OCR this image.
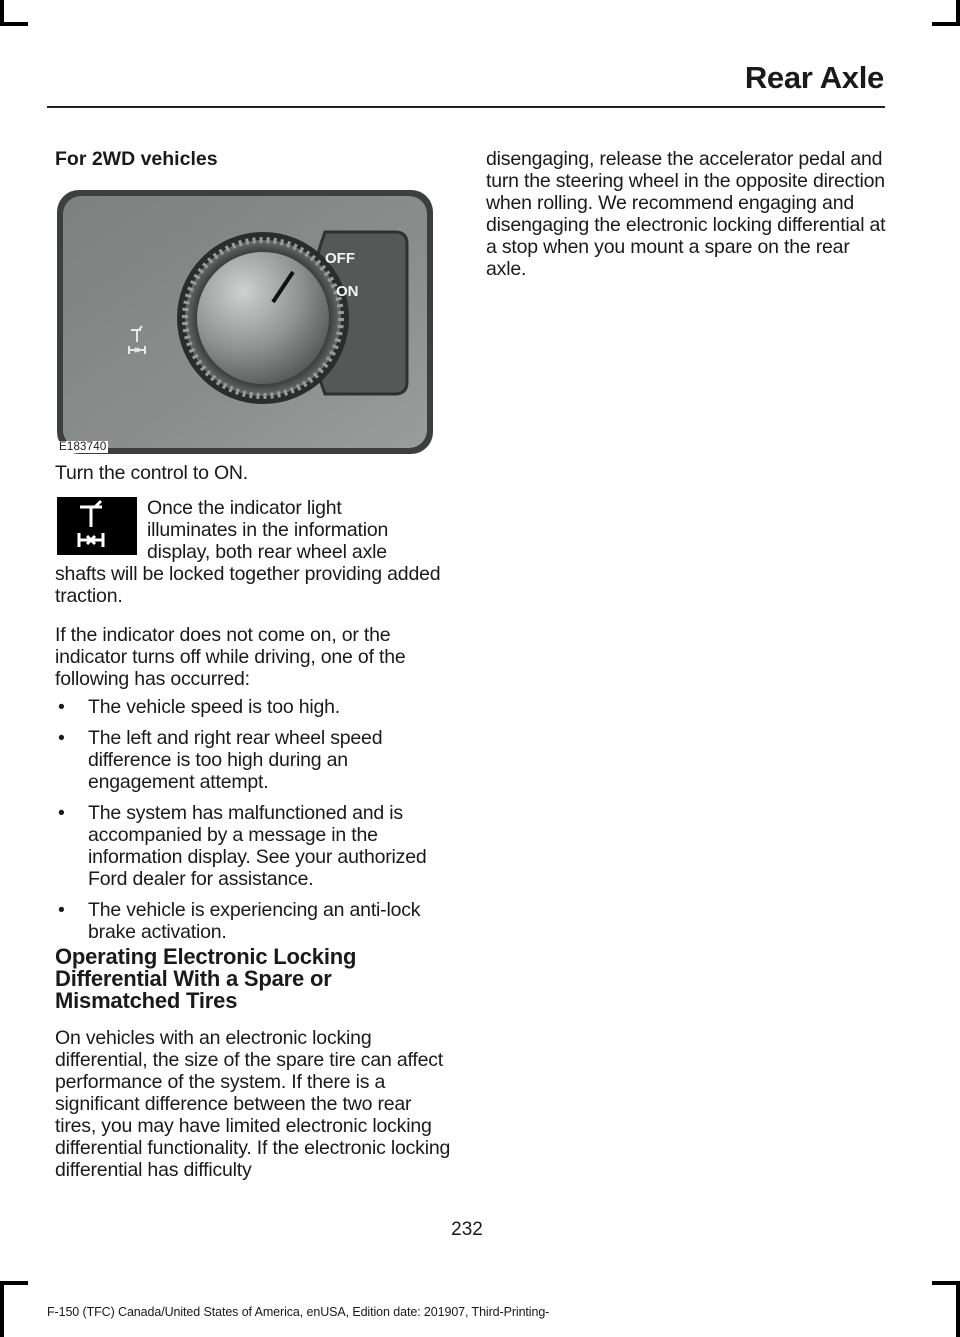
Rear Axle
For 2WD vehicles
OFF
ON
E183740
Turn the control to ON.

Once the indicator light

illuminates in the information

display, both rear wheel axle

shafts will be locked together providing added traction.

If the indicator does not come on, or the indicator turns off while driving, one of the following has occurred:

• The vehicle speed is too high.
• The left and right rear wheel speed difference is too high during an engagement attempt.
• The system has malfunctioned and is accompanied by a message in the information display. See your authorized Ford dealer for assistance.
• The vehicle is experiencing an anti-lock brake activation.
Operating Electronic Locking Differential With a Spare or Mismatched Tires

On vehicles with an electronic locking differential, the size of the spare tire can affect performance of the system. If there is a significant difference between the two rear tires, you may have limited electronic locking differential functionality. If the electronic locking differential has difficulty

disengaging, release the accelerator pedal and turn the steering wheel in the opposite direction when rolling. We recommend engaging and disengaging the electronic locking differential at a stop when you mount a spare on the rear axle.

232
F-150 (TFC) Canada/United States of America, enUSA, Edition date: 201907, Third-Printing-
